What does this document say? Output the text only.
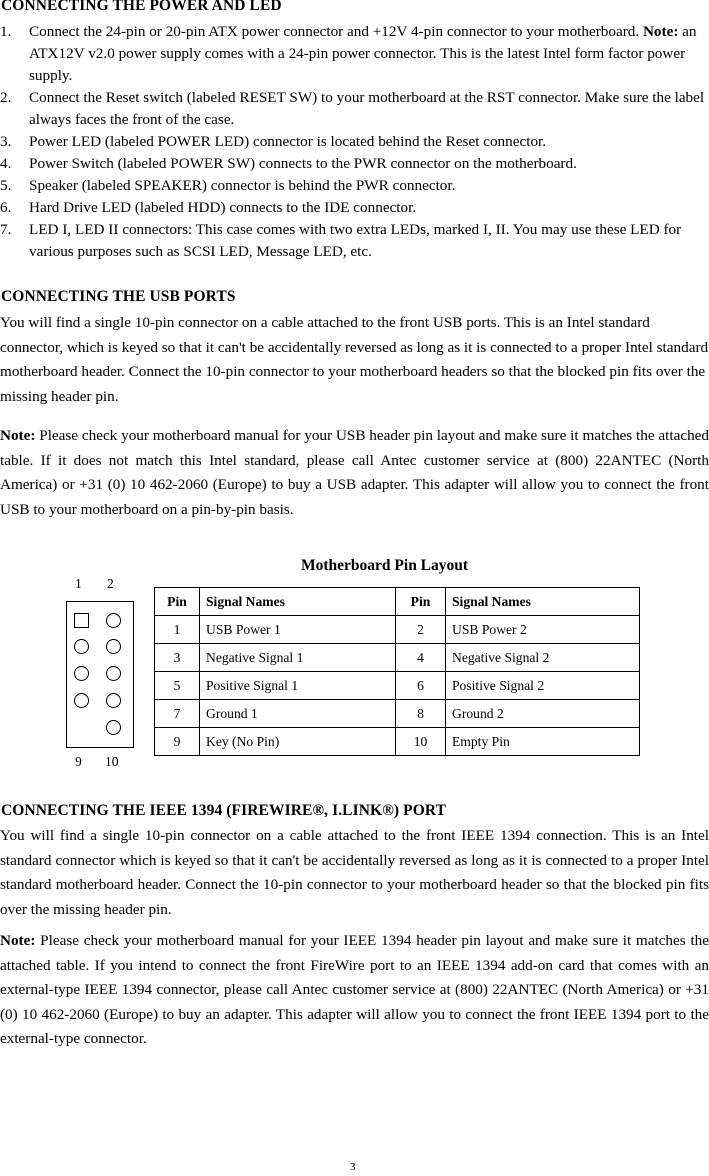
CONNECTING THE POWER AND LED
1. Connect the 24-pin or 20-pin ATX power connector and +12V 4-pin connector to your motherboard. Note: an ATX12V v2.0 power supply comes with a 24-pin power connector. This is the latest Intel form factor power supply.
2. Connect the Reset switch (labeled RESET SW) to your motherboard at the RST connector. Make sure the label always faces the front of the case.
3. Power LED (labeled POWER LED) connector is located behind the Reset connector.
4. Power Switch (labeled POWER SW) connects to the PWR connector on the motherboard.
5. Speaker (labeled SPEAKER) connector is behind the PWR connector.
6. Hard Drive LED (labeled HDD) connects to the IDE connector.
7. LED I, LED II connectors: This case comes with two extra LEDs, marked I, II. You may use these LED for various purposes such as SCSI LED, Message LED, etc.
CONNECTING THE USB PORTS

You will find a single 10-pin connector on a cable attached to the front USB ports. This is an Intel standard connector, which is keyed so that it can't be accidentally reversed as long as it is connected to a proper Intel standard motherboard header. Connect the 10-pin connector to your motherboard headers so that the blocked pin fits over the missing header pin.

Note: Please check your motherboard manual for your USB header pin layout and make sure it matches the attached table. If it does not match this Intel standard, please call Antec customer service at (800) 22ANTEC (North America) or +31 (0) 10 462-2060 (Europe) to buy a USB adapter. This adapter will allow you to connect the front USB to your motherboard on a pin-by-pin basis.

Motherboard Pin Layout
1 2
9 10
Pin	Signal Names	Pin	Signal Names
1	USB Power 1	2	USB Power 2
3	Negative Signal 1	4	Negative Signal 2
5	Positive Signal 1	6	Positive Signal 2
7	Ground 1	8	Ground 2
9	Key (No Pin)	10	Empty Pin
CONNECTING THE IEEE 1394 (FIREWIRE®, I.LINK®) PORT

You will find a single 10-pin connector on a cable attached to the front IEEE 1394 connection. This is an Intel standard connector which is keyed so that it can't be accidentally reversed as long as it is connected to a proper Intel standard motherboard header. Connect the 10-pin connector to your motherboard header so that the blocked pin fits over the missing header pin.

Note: Please check your motherboard manual for your IEEE 1394 header pin layout and make sure it matches the attached table. If you intend to connect the front FireWire port to an IEEE 1394 add-on card that comes with an external-type IEEE 1394 connector, please call Antec customer service at (800) 22ANTEC (North America) or +31 (0) 10 462-2060 (Europe) to buy an adapter. This adapter will allow you to connect the front IEEE 1394 port to the external-type connector.

3
